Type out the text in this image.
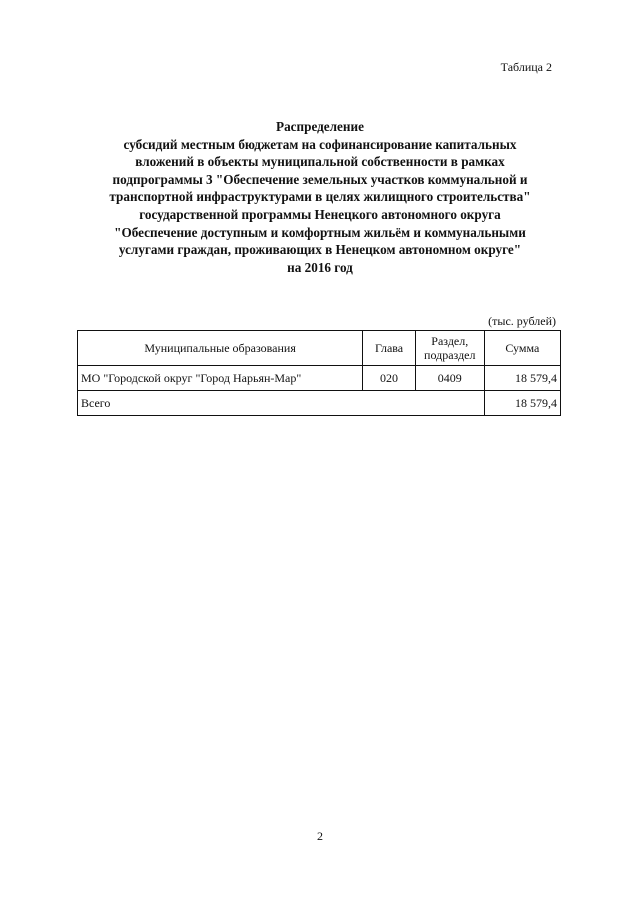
Таблица 2
Распределение
субсидий местным бюджетам на софинансирование капитальных
вложений в объекты муниципальной собственности в рамках
подпрограммы 3 "Обеспечение земельных участков коммунальной и
транспортной инфраструктурами в целях жилищного строительства"
государственной программы Ненецкого автономного округа
"Обеспечение доступным и комфортным жильём и коммунальными
услугами граждан, проживающих в Ненецком автономном округе"
на 2016 год
(тыс. рублей)
Муниципальные образования	Глава	Раздел,
подраздел	Сумма
МО "Городской округ "Город Нарьян-Мар"	020	0409	18 579,4
Всего			18 579,4
2
